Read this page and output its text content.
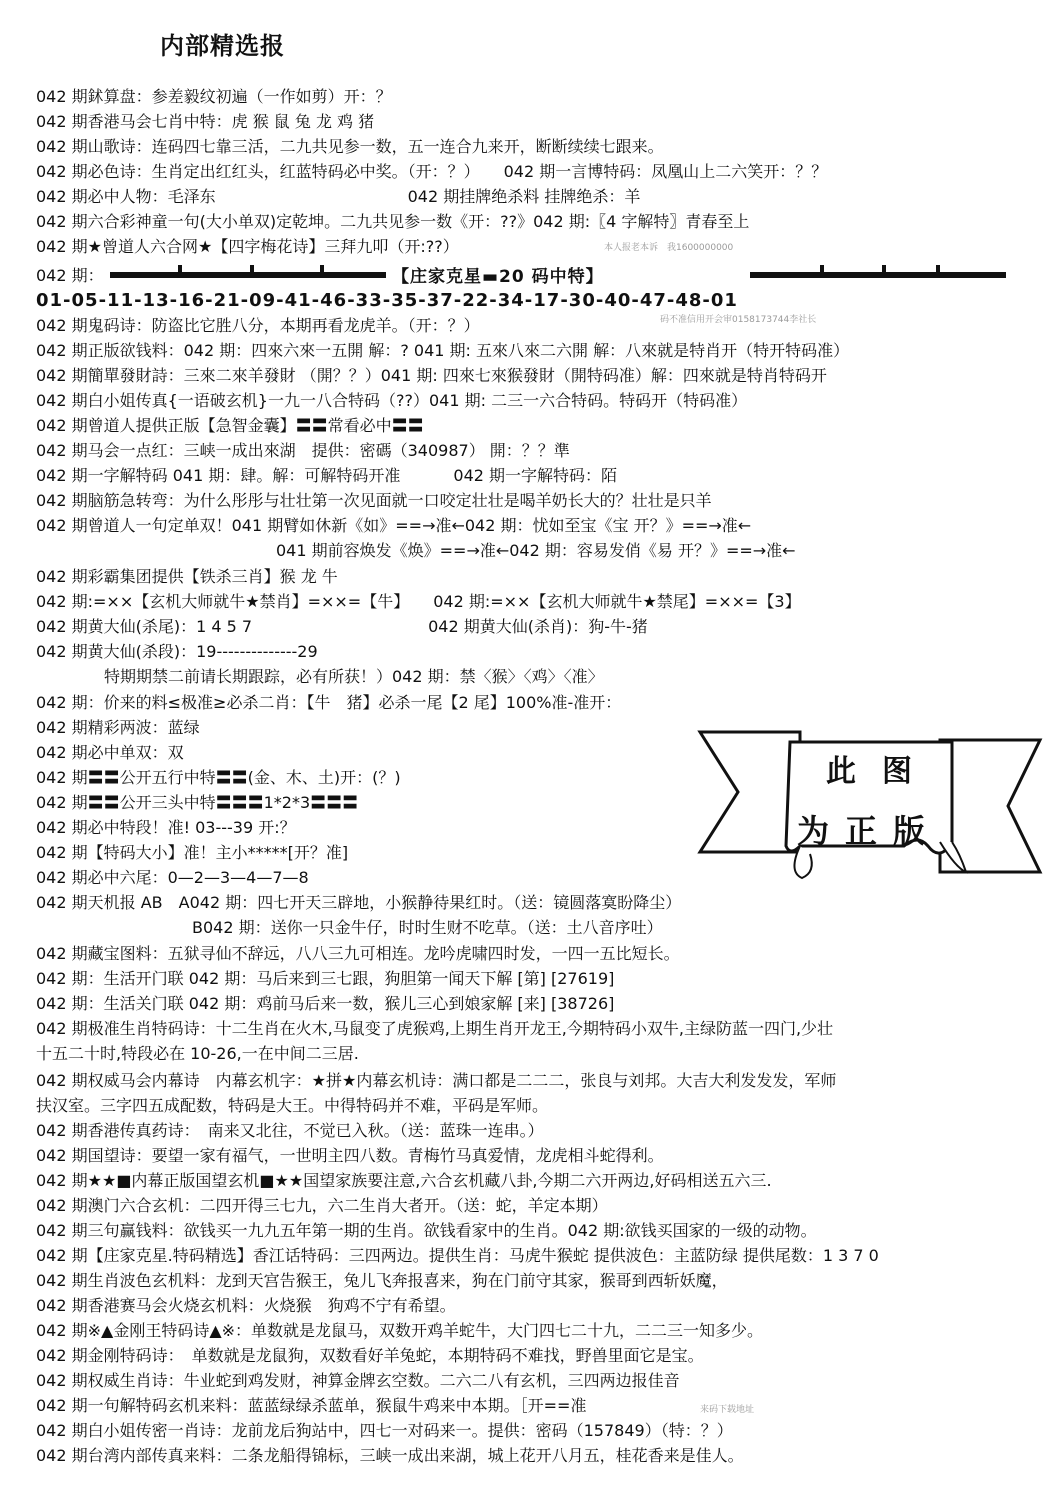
内部精选报
042 期鉥算盘：参差毅纹初遍（一作如剪）开：？
042 期香港马会七肖中特：虎 猴 鼠 兔 龙 鸡 猪
042 期山歌诗：连码四七靠三活，二九共见参一数，五一连合九来开，断断续续七跟来。
042 期必色诗：生肖定出红红头，红蓝特码必中奖。（开：？）　　042 期一言博特码：凤凰山上二六笑开：？？
042 期必中人物：毛泽东　　　　　　　　　　　　042 期挂牌绝杀料 挂牌绝杀：羊
042 期六合彩神童一句(大小单双)定乾坤。二九共见参一数《开：??》042 期:〖4 字解特〗青春至上
042 期★曾道人六合网★【四字梅花诗】三拜九叩（开:??）	本人报老本诉　我1600000000
042 期：	【庄家克星▬20 码中特】
01-05-11-13-16-21-09-41-46-33-35-37-22-34-17-30-40-47-48-01
码不准信用开会审0158173744李社长
042 期鬼码诗：防盗比它胜八分，本期再看龙虎羊。（开：？）
042 期正版欲钱料：042 期：四來六來一五開 解：? 041 期: 五來八來二六開 解：八來就是特肖开（特开特码准）
042 期簡單發財詩：三來二來羊發財 （開？？）041 期: 四來七來猴發財（開特码准）解：四來就是特肖特码开
042 期白小姐传真{一语破玄机}一九一八合特码（??）041 期: 二三一六合特码。特码开（特码准）
042 期曾道人提供正版【急智金囊】〓〓常看必中〓〓
042 期马会一点红：三峡一成出來湖　提供：密碼（340987） 開：？？準
042 期一字解特码 041 期：肆。解：可解特码开准　　　 042 期一字解特码：陌
042 期脑筋急转弯：为什么彤彤与壮壮第一次见面就一口咬定壮壮是喝羊奶长大的？壮壮是只羊
042 期曾道人一句定单双！041 期臂如休新《如》==→准←042 期：忧如至宝《宝 开？》==→准←
041 期前容焕发《焕》==→准←042 期：容易发俏《易 开？》==→准←
042 期彩霸集团提供【铁杀三肖】猴 龙 牛
042 期:=××【玄机大师就牛★禁肖】=××=【牛】　　042 期:=××【玄机大师就牛★禁尾】=××=【3】
042 期黄大仙(杀尾)：1 4 5 7　　　　　　　　　　　042 期黄大仙(杀肖)：狗-牛-猪
042 期黄大仙(杀段)：19--------------29
特期期禁二前请长期跟踪，必有所获！）042 期：禁〈猴〉〈鸡〉〈准〉
042 期：价来的料≤极准≥必杀二肖：【牛　猪】必杀一尾【2 尾】100%准-准开：
042 期精彩两波：蓝绿
042 期必中单双：双
042 期〓〓公开五行中特〓〓(金、木、土)开：(？)
042 期〓〓公开三头中特〓〓〓1*2*3〓〓〓
042 期必中特段！准! 03---39 开:？
042 期【特码大小】准！主小*****[开？准]
042 期必中六尾：0—2—3—4—7—8
042 期天机报 AB　A042 期：四七开天三辟地，小猴静待果红时。（送：镜圆落寞盼降尘）
B042 期：送你一只金牛仔，时时生财不吃草。（送：土八音序吐）
042 期藏宝图料：五狱寻仙不辞远，八八三九可相连。龙吟虎啸四时发，一四一五比短长。
042 期：生活开门联 042 期：马后来到三七跟，狗胆第一闻天下解 [第] [27619]
042 期：生活关门联 042 期：鸡前马后来一数，猴儿三心到娘家解 [来] [38726]
042 期极准生肖特码诗：十二生肖在火木,马鼠变了虎猴鸡,上期生肖开龙王,今期特码小双牛,主绿防蓝一四门,少壮
十五二十时,特段必在 10-26,一在中间二三居.
042 期权威马会内幕诗　内幕玄机字：★拼★内幕玄机诗：满口都是二二二，张良与刘邦。大吉大利发发发，军师
扶汉室。三字四五成配数，特码是大王。中得特码并不难，平码是军师。
042 期香港传真药诗：　南来又北往，不觉已入秋。（送：蓝珠一连串。）
042 期国望诗：要望一家有福气，一世明主四八数。青梅竹马真爱情，龙虎相斗蛇得利。
042 期★★■内幕正版国望玄机■★★国望家族要注意,六合玄机藏八卦,今期二六开两边,好码相送五六三.
042 期澳门六合玄机：二四开得三七九，六二生肖大者开。（送：蛇，羊定本期）
042 期三句赢钱料：欲钱买一九九五年第一期的生肖。欲钱看家中的生肖。042 期:欲钱买国家的一级的动物。
042 期【庄家克星.特码精选】香江话特码：三四两边。提供生肖：马虎牛猴蛇 提供波色：主蓝防绿 提供尾数：1 3 7 0
042 期生肖波色玄机料：龙到天宫告猴王，兔儿飞奔报喜来，狗在门前守其家，猴哥到西斩妖魔，
042 期香港赛马会火烧玄机料：火烧猴　狗鸡不宁有希望。
042 期※▲金刚王特码诗▲※：单数就是龙鼠马，双数开鸡羊蛇牛，大门四七二十九，二二三一知多少。
042 期金刚特码诗：　单数就是龙鼠狗，双数看好羊兔蛇，本期特码不难找，野兽里面它是宝。
042 期权威生肖诗：牛业蛇到鸡发财，神算金牌玄空数。二六二八有玄机，三四两边报佳音
042 期一句解特码玄机来料：蓝蓝绿绿杀蓝单，猴鼠牛鸡来中本期。［开==准	来码下载地址
042 期白小姐传密一肖诗：龙前龙后狗站中，四七一对码来一。提供：密码（157849）（特：？）
042 期台湾内部传真来料：二条龙船得锦标，三峡一成出来湖，城上花开八月五，桂花香来是佳人。
此图
为正版
